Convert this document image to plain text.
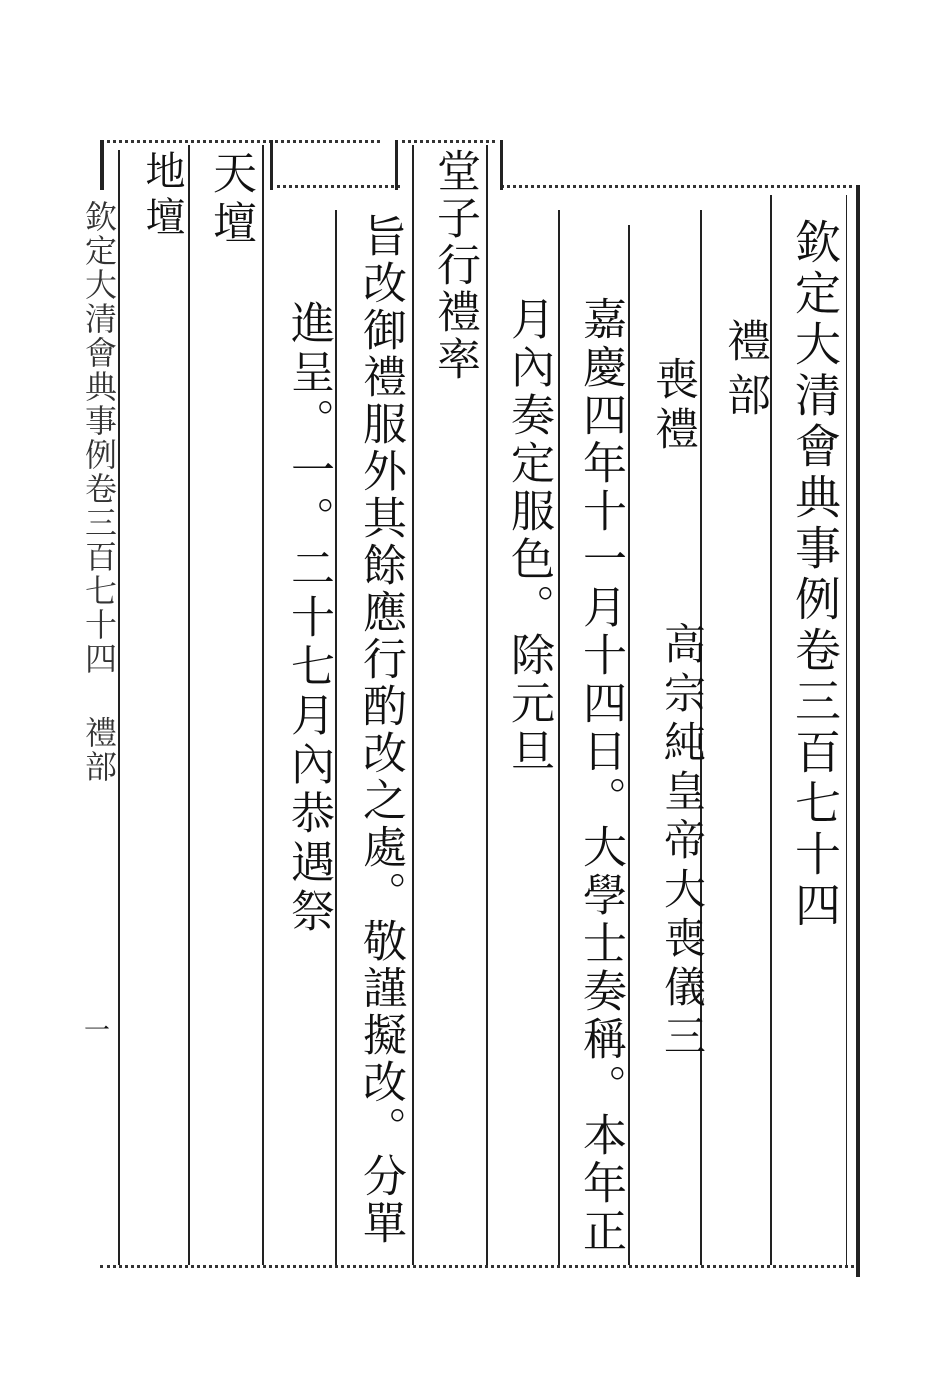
欽定大清會典事例卷三百七十四
禮部
喪禮
高宗純皇帝大喪儀三
嘉慶四年十一月十四日。大學士奏稱。本年正
月內奏定服色。除元旦
堂子行禮率
旨改御禮服外其餘應行酌改之處。敬謹擬改。分單
進呈。一。二十七月內恭遇祭
天壇
地壇
欽定大清會典事例卷三百七十四 禮部
一
